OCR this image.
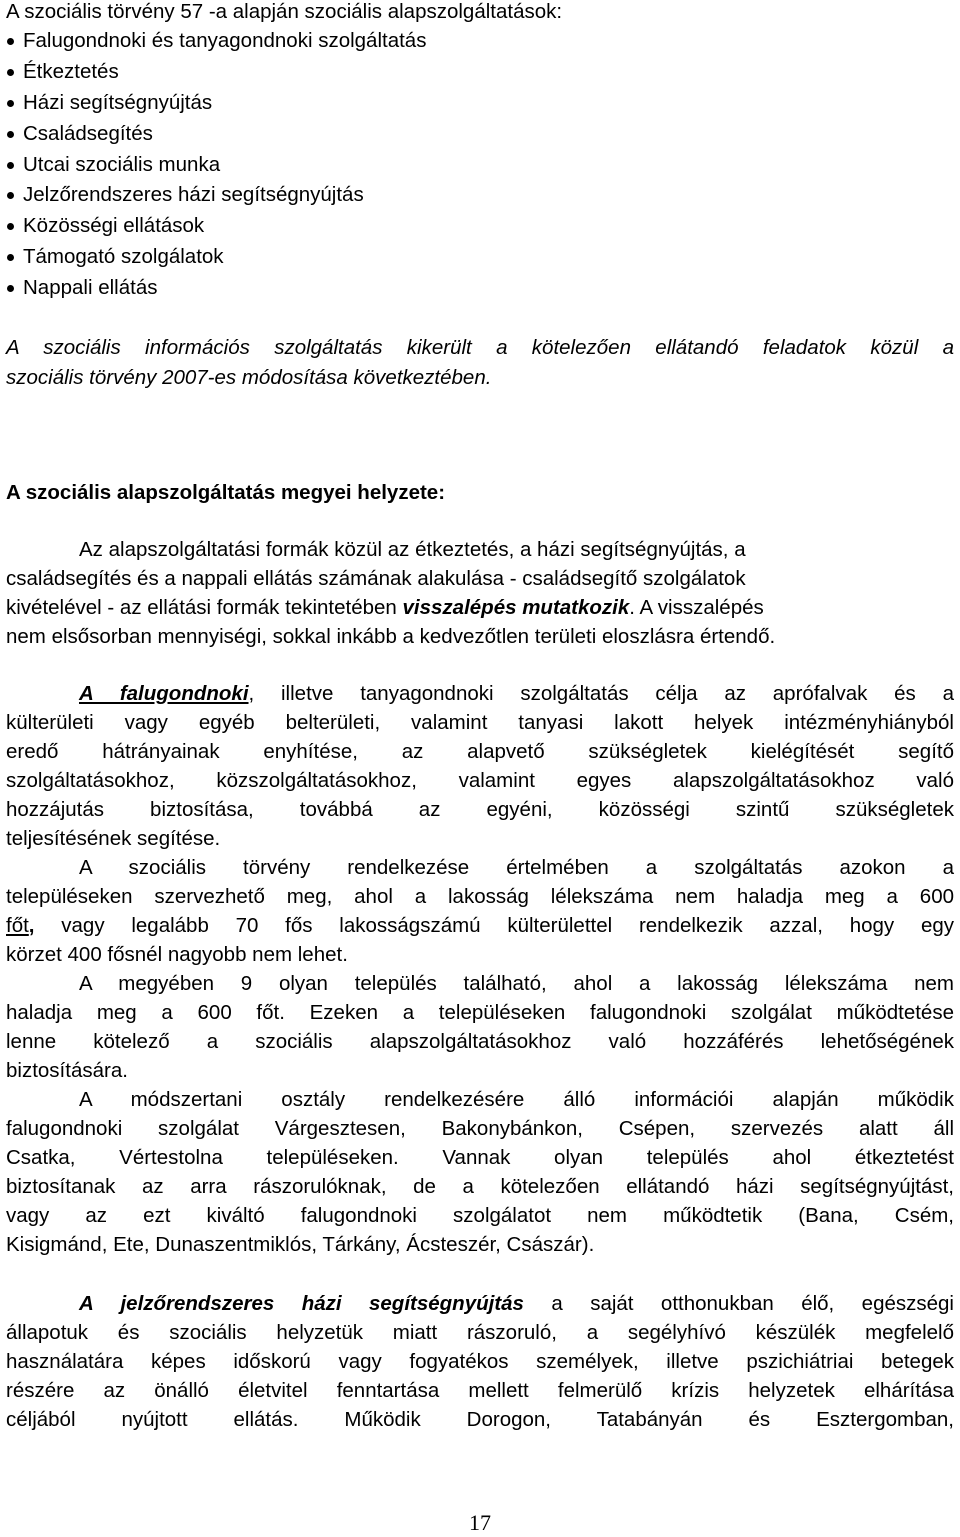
A szociális törvény 57 -a alapján szociális alapszolgáltatások:
Falugondnoki és tanyagondnoki szolgáltatás
Étkeztetés
Házi segítségnyújtás
Családsegítés
Utcai szociális munka
Jelzőrendszeres házi segítségnyújtás
Közösségi ellátások
Támogató szolgálatok
Nappali ellátás
A szociális információs szolgáltatás kikerült a kötelezően ellátandó feladatok közül a
szociális törvény 2007-es módosítása következtében.
A szociális alapszolgáltatás megyei helyzete:
Az alapszolgáltatási formák közül az étkeztetés, a házi segítségnyújtás, a
családsegítés és a nappali ellátás számának alakulása - családsegítő szolgálatok
kivételével - az ellátási formák tekintetében visszalépés mutatkozik. A visszalépés
nem elsősorban mennyiségi, sokkal inkább a kedvezőtlen területi eloszlásra értendő.
A falugondnoki, illetve tanyagondnoki szolgáltatás célja az aprófalvak és a
külterületi vagy egyéb belterületi, valamint tanyasi lakott helyek intézményhiányból
eredő hátrányainak enyhítése, az alapvető szükségletek kielégítését segítő
szolgáltatásokhoz, közszolgáltatásokhoz, valamint egyes alapszolgáltatásokhoz való
hozzájutás biztosítása, továbbá az egyéni, közösségi szintű szükségletek
teljesítésének segítése.
A szociális törvény rendelkezése értelmében a szolgáltatás azokon a
településeken szervezhető meg, ahol a lakosság lélekszáma nem haladja meg a 600
főt, vagy legalább 70 fős lakosságszámú külterülettel rendelkezik azzal, hogy egy
körzet 400 fősnél nagyobb nem lehet.
A megyében 9 olyan település található, ahol a lakosság lélekszáma nem
haladja meg a 600 főt. Ezeken a településeken falugondnoki szolgálat működtetése
lenne kötelező a szociális alapszolgáltatásokhoz való hozzáférés lehetőségének
biztosítására.
A módszertani osztály rendelkezésére álló információi alapján működik
falugondnoki szolgálat Várgesztesen, Bakonybánkon, Csépen, szervezés alatt áll
Csatka, Vértestolna településeken. Vannak olyan település ahol étkeztetést
biztosítanak az arra rászorulóknak, de a kötelezően ellátandó házi segítségnyújtást,
vagy az ezt kiváltó falugondnoki szolgálatot nem működtetik (Bana, Csém,
Kisigmánd, Ete, Dunaszentmiklós, Tárkány, Ácsteszér, Császár).
A jelzőrendszeres házi segítségnyújtás a saját otthonukban élő, egészségi
állapotuk és szociális helyzetük miatt rászoruló, a segélyhívó készülék megfelelő
használatára képes időskorú vagy fogyatékos személyek, illetve pszichiátriai betegek
részére az önálló életvitel fenntartása mellett felmerülő krízis helyzetek elhárítása
céljából nyújtott ellátás. Működik Dorogon, Tatabányán és Esztergomban,
17
